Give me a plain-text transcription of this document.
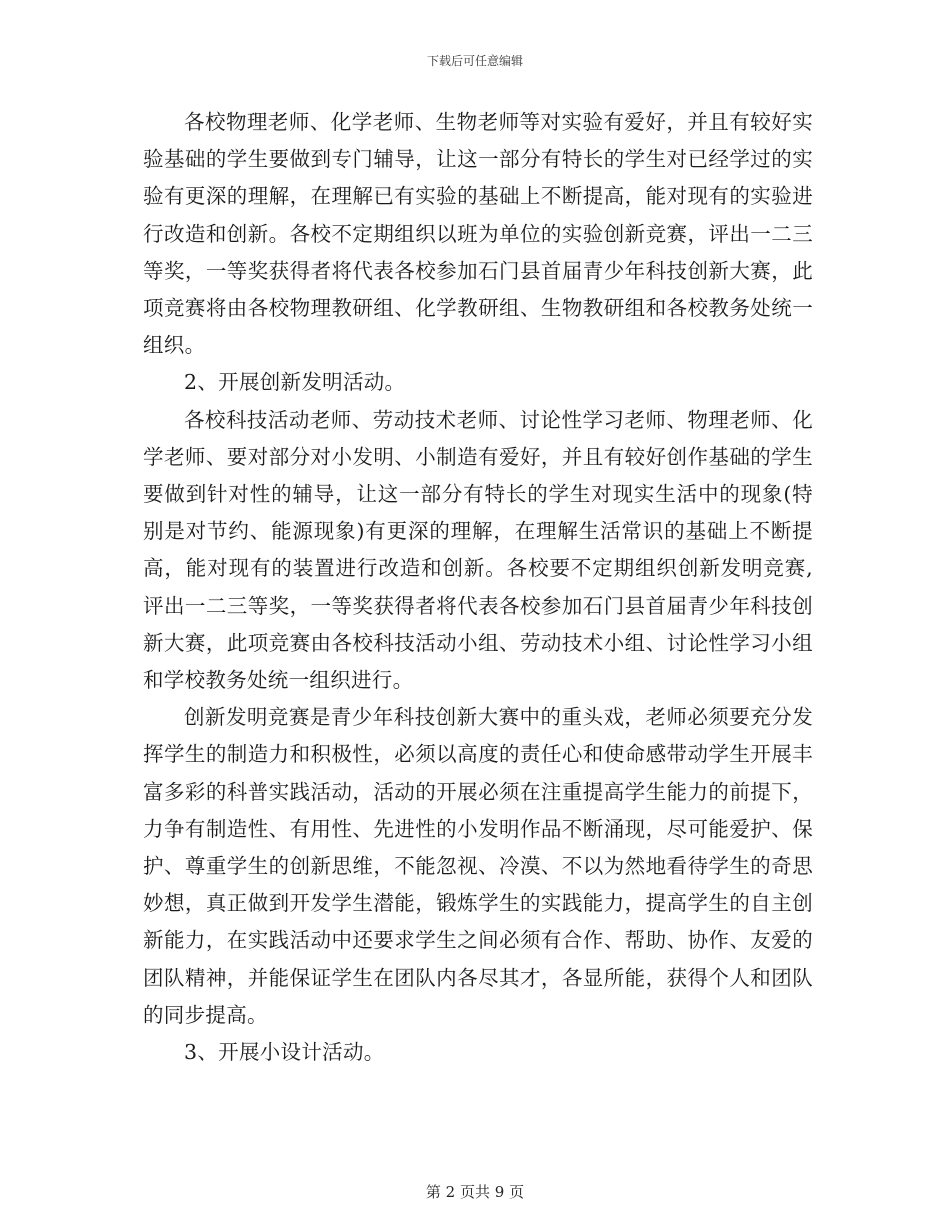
下载后可任意编辑

各校物理老师、化学老师、生物老师等对实验有爱好，并且有较好实验基础的学生要做到专门辅导，让这一部分有特长的学生对已经学过的实验有更深的理解，在理解已有实验的基础上不断提高，能对现有的实验进行改造和创新。各校不定期组织以班为单位的实验创新竞赛，评出一二三等奖，一等奖获得者将代表各校参加石门县首届青少年科技创新大赛，此项竞赛将由各校物理教研组、化学教研组、生物教研组和各校教务处统一组织。

2、开展创新发明活动。

各校科技活动老师、劳动技术老师、讨论性学习老师、物理老师、化学老师、要对部分对小发明、小制造有爱好，并且有较好创作基础的学生要做到针对性的辅导，让这一部分有特长的学生对现实生活中的现象(特别是对节约、能源现象)有更深的理解，在理解生活常识的基础上不断提高，能对现有的装置进行改造和创新。各校要不定期组织创新发明竞赛,评出一二三等奖，一等奖获得者将代表各校参加石门县首届青少年科技创新大赛，此项竞赛由各校科技活动小组、劳动技术小组、讨论性学习小组和学校教务处统一组织进行。

创新发明竞赛是青少年科技创新大赛中的重头戏，老师必须要充分发挥学生的制造力和积极性，必须以高度的责任心和使命感带动学生开展丰富多彩的科普实践活动，活动的开展必须在注重提高学生能力的前提下，力争有制造性、有用性、先进性的小发明作品不断涌现，尽可能爱护、保护、尊重学生的创新思维，不能忽视、冷漠、不以为然地看待学生的奇思妙想，真正做到开发学生潜能，锻炼学生的实践能力，提高学生的自主创新能力，在实践活动中还要求学生之间必须有合作、帮助、协作、友爱的团队精神，并能保证学生在团队内各尽其才，各显所能，获得个人和团队的同步提高。

3、开展小设计活动。

第 2 页共 9 页
